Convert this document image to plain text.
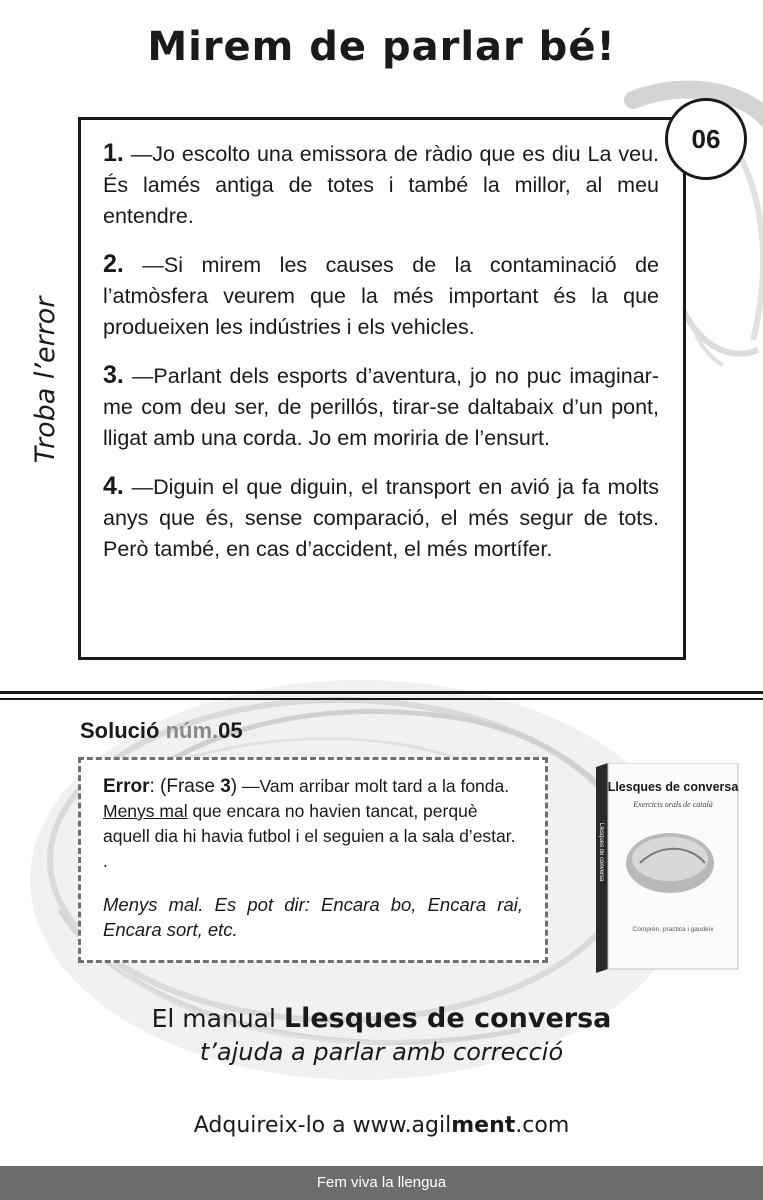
Mirem de parlar bé!
Troba l’error
1. —Jo escolto una emissora de ràdio que es diu La veu. És lamés antiga de totes i també la millor, al meu entendre.
2. —Si mirem les causes de la contaminació de l’atmòsfera veurem que la més important és la que produeixen les indústries i els vehicles.
3. —Parlant dels esports d’aventura, jo no puc imaginar-me com deu ser, de perillós, tirar-se daltabaix d’un pont, lligat amb una corda. Jo em moriria de l’ensurt.
4. —Diguin el que diguin, el transport en avió ja fa molts anys que és, sense comparació, el més segur de tots. Però també, en cas d’accident, el més mortífer.
06
Solució núm.05
Error: (Frase 3) —Vam arribar molt tard a la fonda. Menys mal que encara no havien tancat, perquè aquell dia hi havia futbol i el seguien a la sala d’estar. .
Menys mal. Es pot dir: Encara bo, Encara rai, Encara sort, etc.
Llesques de conversa
Llesques de conversa
Exercicis orals de català
Comprèn, practica i gaudeix
El manual Llesques de conversa
t’ajuda a parlar amb correcció
Adquireix-lo a www.agilment.com
Fem viva la llengua
